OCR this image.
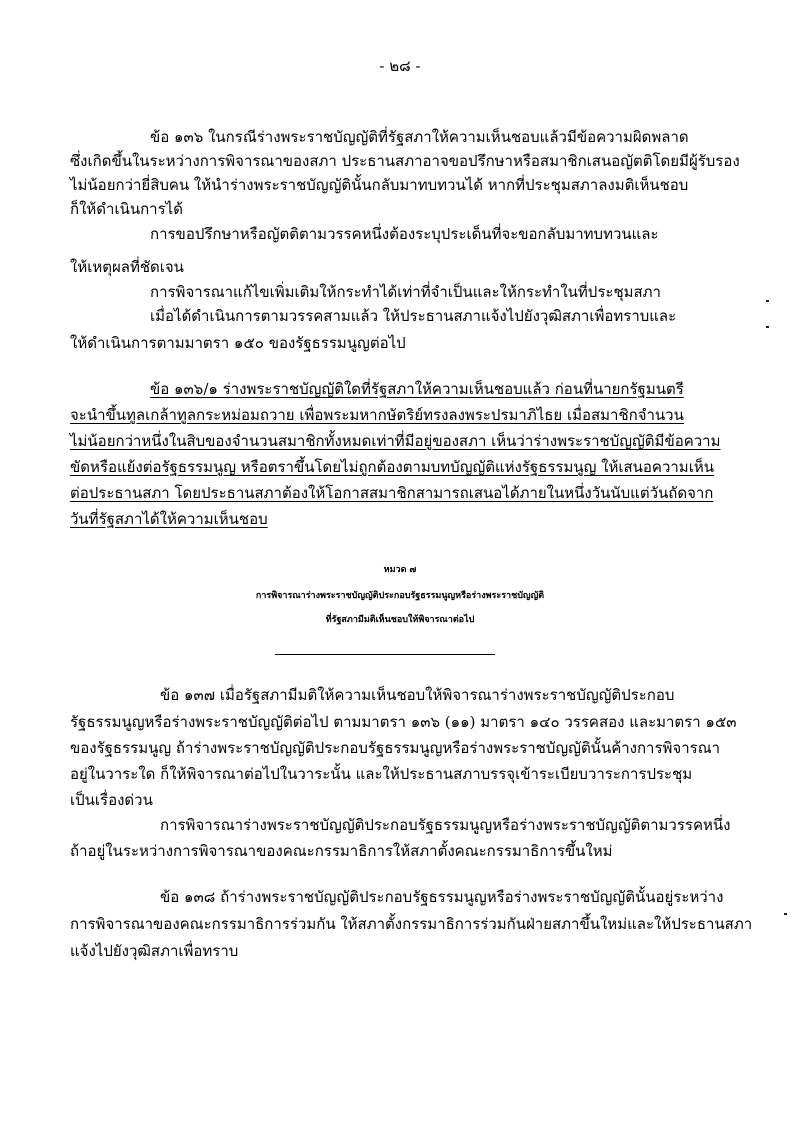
- ๒๘ -
ข้อ ๑๓๖ ในกรณีร่างพระราชบัญญัติที่รัฐสภาให้ความเห็นชอบแล้วมีข้อความผิดพลาด
ซึ่งเกิดขึ้นในระหว่างการพิจารณาของสภา ประธานสภาอาจขอปรึกษาหรือสมาชิกเสนอญัตติโดยมีผู้รับรอง
ไม่น้อยกว่ายี่สิบคน ให้นำร่างพระราชบัญญัตินั้นกลับมาทบทวนได้ หากที่ประชุมสภาลงมติเห็นชอบ
ก็ให้ดำเนินการได้
การขอปรึกษาหรือญัตติตามวรรคหนึ่งต้องระบุประเด็นที่จะขอกลับมาทบทวนและ
ให้เหตุผลที่ชัดเจน
การพิจารณาแก้ไขเพิ่มเติมให้กระทำได้เท่าที่จำเป็นและให้กระทำในที่ประชุมสภา
เมื่อได้ดำเนินการตามวรรคสามแล้ว ให้ประธานสภาแจ้งไปยังวุฒิสภาเพื่อทราบและ
ให้ดำเนินการตามมาตรา ๑๕๐ ของรัฐธรรมนูญต่อไป
ข้อ ๑๓๖/๑ ร่างพระราชบัญญัติใดที่รัฐสภาให้ความเห็นชอบแล้ว ก่อนที่นายกรัฐมนตรี
จะนำขึ้นทูลเกล้าทูลกระหม่อมถวาย เพื่อพระมหากษัตริย์ทรงลงพระปรมาภิไธย เมื่อสมาชิกจำนวน
ไม่น้อยกว่าหนึ่งในสิบของจำนวนสมาชิกทั้งหมดเท่าที่มีอยู่ของสภา เห็นว่าร่างพระราชบัญญัติมีข้อความ
ขัดหรือแย้งต่อรัฐธรรมนูญ หรือตราขึ้นโดยไม่ถูกต้องตามบทบัญญัติแห่งรัฐธรรมนูญ ให้เสนอความเห็น
ต่อประธานสภา โดยประธานสภาต้องให้โอกาสสมาชิกสามารถเสนอได้ภายในหนึ่งวันนับแต่วันถัดจาก
วันที่รัฐสภาได้ให้ความเห็นชอบ
หมวด ๗
การพิจารณาร่างพระราชบัญญัติประกอบรัฐธรรมนูญหรือร่างพระราชบัญญัติ
ที่รัฐสภามีมติเห็นชอบให้พิจารณาต่อไป
ข้อ ๑๓๗ เมื่อรัฐสภามีมติให้ความเห็นชอบให้พิจารณาร่างพระราชบัญญัติประกอบ
รัฐธรรมนูญหรือร่างพระราชบัญญัติต่อไป ตามมาตรา ๑๓๖ (๑๑) มาตรา ๑๔๐ วรรคสอง และมาตรา ๑๕๓
ของรัฐธรรมนูญ ถ้าร่างพระราชบัญญัติประกอบรัฐธรรมนูญหรือร่างพระราชบัญญัตินั้นค้างการพิจารณา
อยู่ในวาระใด ก็ให้พิจารณาต่อไปในวาระนั้น และให้ประธานสภาบรรจุเข้าระเบียบวาระการประชุม
เป็นเรื่องด่วน
การพิจารณาร่างพระราชบัญญัติประกอบรัฐธรรมนูญหรือร่างพระราชบัญญัติตามวรรคหนึ่ง
ถ้าอยู่ในระหว่างการพิจารณาของคณะกรรมาธิการให้สภาตั้งคณะกรรมาธิการขึ้นใหม่
ข้อ ๑๓๘ ถ้าร่างพระราชบัญญัติประกอบรัฐธรรมนูญหรือร่างพระราชบัญญัตินั้นอยู่ระหว่าง
การพิจารณาของคณะกรรมาธิการร่วมกัน ให้สภาตั้งกรรมาธิการร่วมกันฝ่ายสภาขึ้นใหม่และให้ประธานสภา
แจ้งไปยังวุฒิสภาเพื่อทราบ
